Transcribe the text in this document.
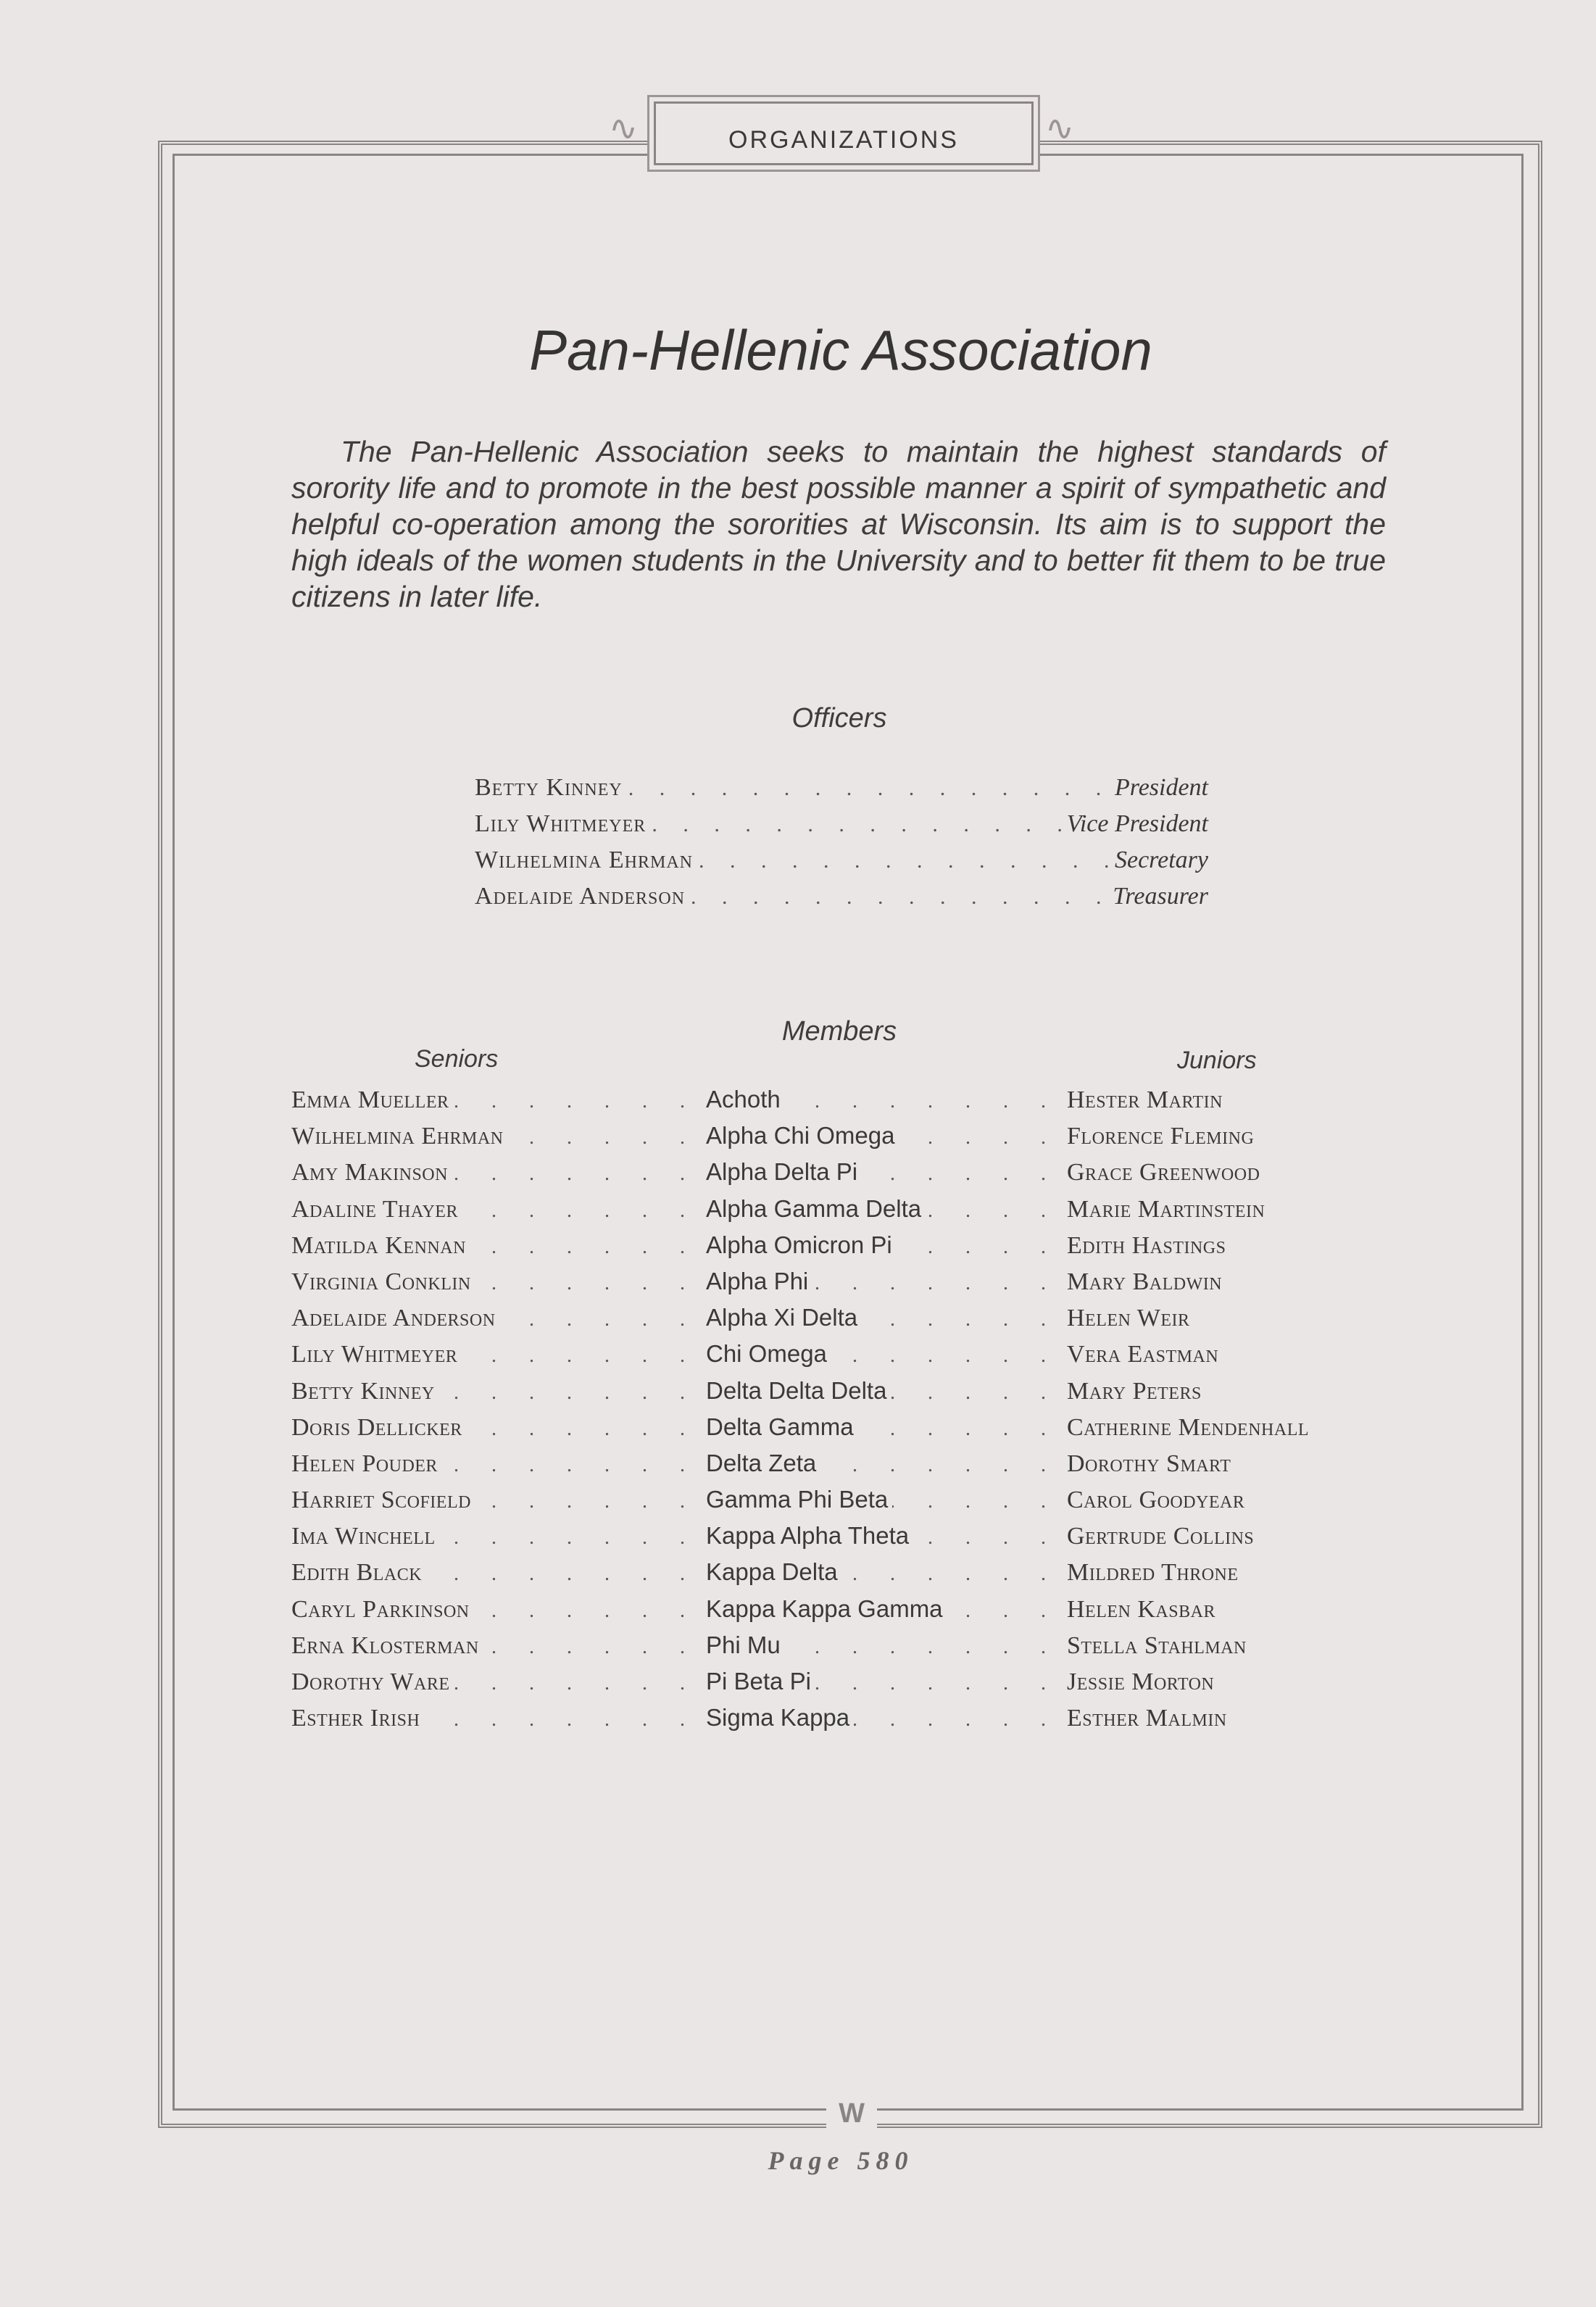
∿	∿
ORGANIZATIONS
Pan-Hellenic Association
The Pan-Hellenic Association seeks to maintain the highest standards of sorority life and to promote in the best possible manner a spirit of sympathetic and helpful co-operation among the sororities at Wisconsin. Its aim is to support the high ideals of the women students in the University and to better fit them to be true citizens in later life.
Officers
Betty Kinney . . .	President
Lily Whitmeyer . . .	Vice President
Wilhelmina Ehrman . . .	Secretary
Adelaide Anderson . . .	Treasurer
Members
Seniors	Juniors
Emma Mueller . . .	Achoth . . .	Hester Martin
Wilhelmina Ehrman . . .	Alpha Chi Omega . . .	Florence Fleming
Amy Makinson . . .	Alpha Delta Pi . . .	Grace Greenwood
Adaline Thayer . . .	Alpha Gamma Delta . . .	Marie Martinstein
Matilda Kennan . . .	Alpha Omicron Pi . . .	Edith Hastings
Virginia Conklin . . .	Alpha Phi . . .	Mary Baldwin
Adelaide Anderson . . .	Alpha Xi Delta . . .	Helen Weir
Lily Whitmeyer . . .	Chi Omega . . .	Vera Eastman
Betty Kinney . . .	Delta Delta Delta . . .	Mary Peters
Doris Dellicker . . .	Delta Gamma . . .	Catherine Mendenhall
Helen Pouder . . .	Delta Zeta . . .	Dorothy Smart
Harriet Scofield . . .	Gamma Phi Beta . . .	Carol Goodyear
Ima Winchell . . .	Kappa Alpha Theta . . .	Gertrude Collins
Edith Black . . .	Kappa Delta . . .	Mildred Throne
Caryl Parkinson . . .	Kappa Kappa Gamma . . .	Helen Kasbar
Erna Klosterman . . .	Phi Mu . . .	Stella Stahlman
Dorothy Ware . . .	Pi Beta Pi . . .	Jessie Morton
Esther Irish . . .	Sigma Kappa . . .	Esther Malmin
W
Page 580
